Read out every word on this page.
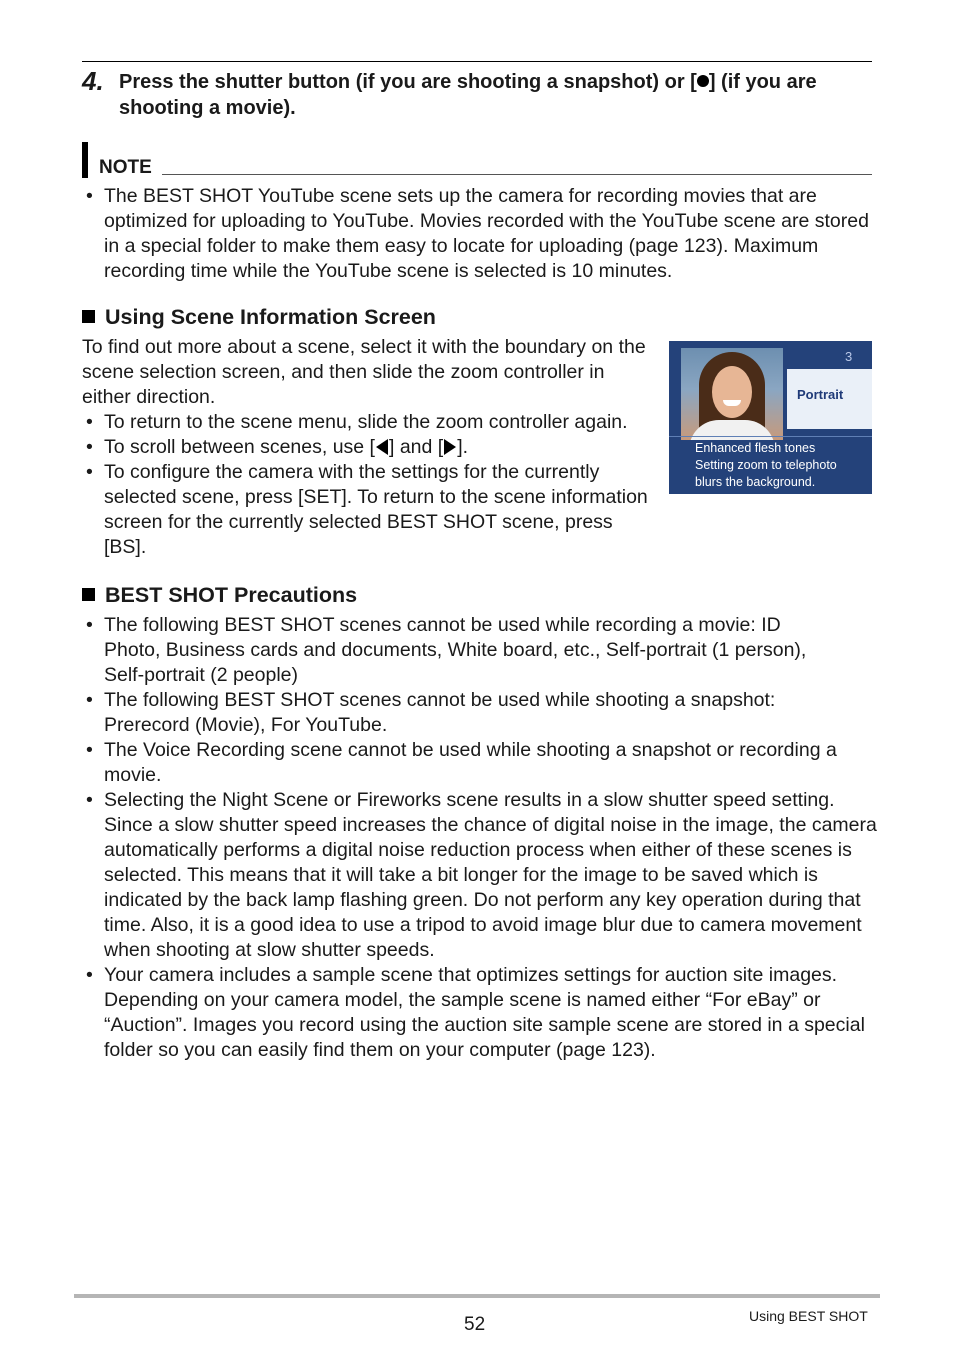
4. Press the shutter button (if you are shooting a snapshot) or [ ] (if you are shooting a movie).
NOTE
• The BEST SHOT YouTube scene sets up the camera for recording movies that are optimized for uploading to YouTube. Movies recorded with the YouTube scene are stored in a special folder to make them easy to locate for uploading (page 123). Maximum recording time while the YouTube scene is selected is 10 minutes.
Using Scene Information Screen
To find out more about a scene, select it with the boundary on the scene selection screen, and then slide the zoom controller in either direction.
• To return to the scene menu, slide the zoom controller again.
• To scroll between scenes, use [ ] and [ ].
• To configure the camera with the settings for the currently selected scene, press [SET]. To return to the scene information screen for the currently selected BEST SHOT scene, press [BS].
3
Portrait
Enhanced flesh tones
Setting zoom to telephoto
blurs the background.
BEST SHOT Precautions
• The following BEST SHOT scenes cannot be used while recording a movie: ID Photo, Business cards and documents, White board, etc., Self-portrait (1 person), Self-portrait (2 people)
• The following BEST SHOT scenes cannot be used while shooting a snapshot: Prerecord (Movie), For YouTube.
• The Voice Recording scene cannot be used while shooting a snapshot or recording a movie.
• Selecting the Night Scene or Fireworks scene results in a slow shutter speed setting. Since a slow shutter speed increases the chance of digital noise in the image, the camera automatically performs a digital noise reduction process when either of these scenes is selected. This means that it will take a bit longer for the image to be saved which is indicated by the back lamp flashing green. Do not perform any key operation during that time. Also, it is a good idea to use a tripod to avoid image blur due to camera movement when shooting at slow shutter speeds.
• Your camera includes a sample scene that optimizes settings for auction site images. Depending on your camera model, the sample scene is named either “For eBay” or “Auction”. Images you record using the auction site sample scene are stored in a special folder so you can easily find them on your computer (page 123).
52	Using BEST SHOT
